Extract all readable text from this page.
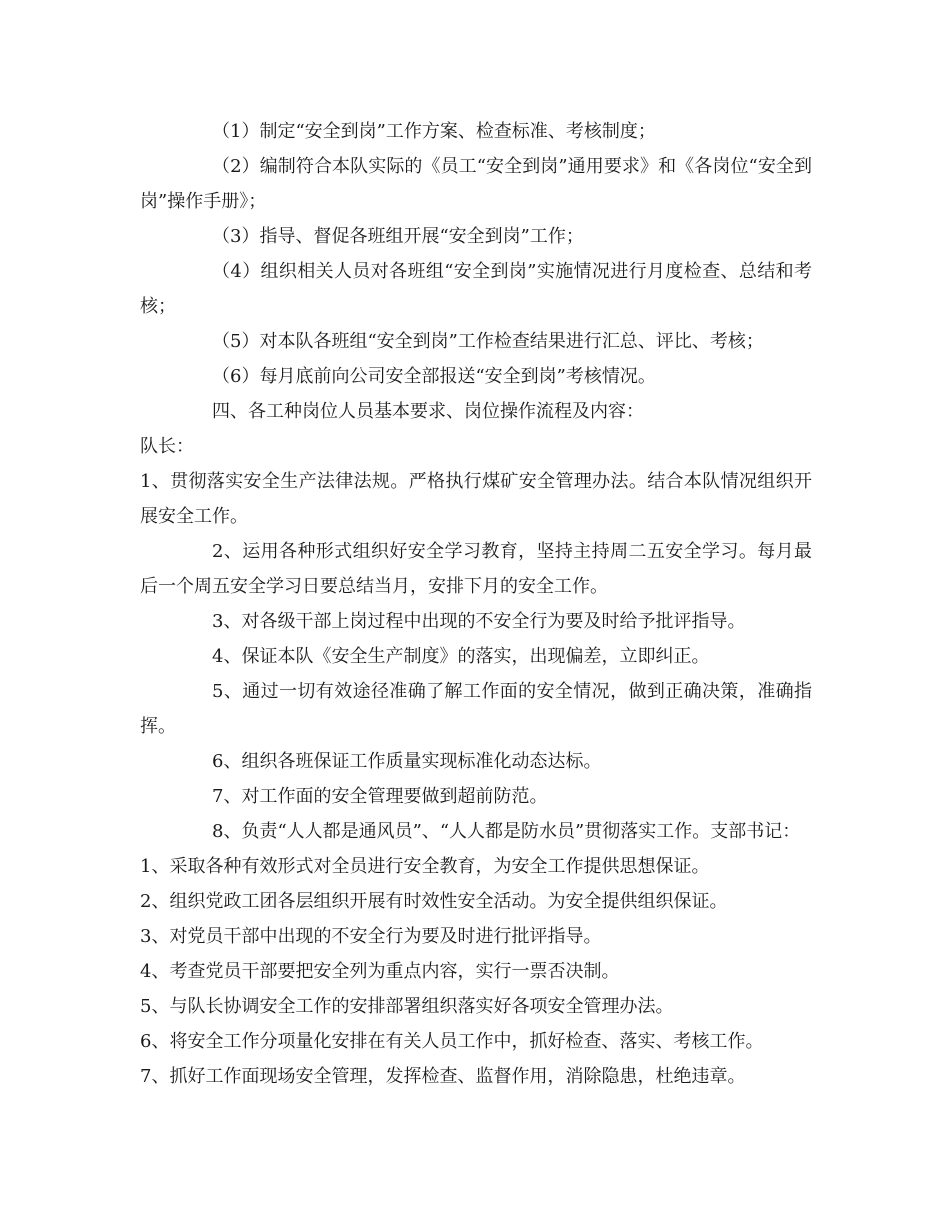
（1）制定“安全到岗”工作方案、检查标准、考核制度；

（2）编制符合本队实际的《员工“安全到岗”通用要求》和《各岗位“安全到岗”操作手册》；

（3）指导、督促各班组开展“安全到岗”工作；

（4）组织相关人员对各班组“安全到岗”实施情况进行月度检查、总结和考核；

（5）对本队各班组“安全到岗”工作检查结果进行汇总、评比、考核；

（6）每月底前向公司安全部报送“安全到岗”考核情况。

四、各工种岗位人员基本要求、岗位操作流程及内容：

队长：

1、贯彻落实安全生产法律法规。严格执行煤矿安全管理办法。结合本队情况组织开展安全工作。

2、运用各种形式组织好安全学习教育，坚持主持周二五安全学习。每月最后一个周五安全学习日要总结当月，安排下月的安全工作。

3、对各级干部上岗过程中出现的不安全行为要及时给予批评指导。

4、保证本队《安全生产制度》的落实，出现偏差，立即纠正。

5、通过一切有效途径准确了解工作面的安全情况，做到正确决策，准确指挥。

6、组织各班保证工作质量实现标准化动态达标。

7、对工作面的安全管理要做到超前防范。

8、负责“人人都是通风员”、“人人都是防水员”贯彻落实工作。支部书记：

1、采取各种有效形式对全员进行安全教育，为安全工作提供思想保证。

2、组织党政工团各层组织开展有时效性安全活动。为安全提供组织保证。

3、对党员干部中出现的不安全行为要及时进行批评指导。

4、考查党员干部要把安全列为重点内容，实行一票否决制。

5、与队长协调安全工作的安排部署组织落实好各项安全管理办法。

6、将安全工作分项量化安排在有关人员工作中，抓好检查、落实、考核工作。

7、抓好工作面现场安全管理，发挥检查、监督作用，消除隐患，杜绝违章。
